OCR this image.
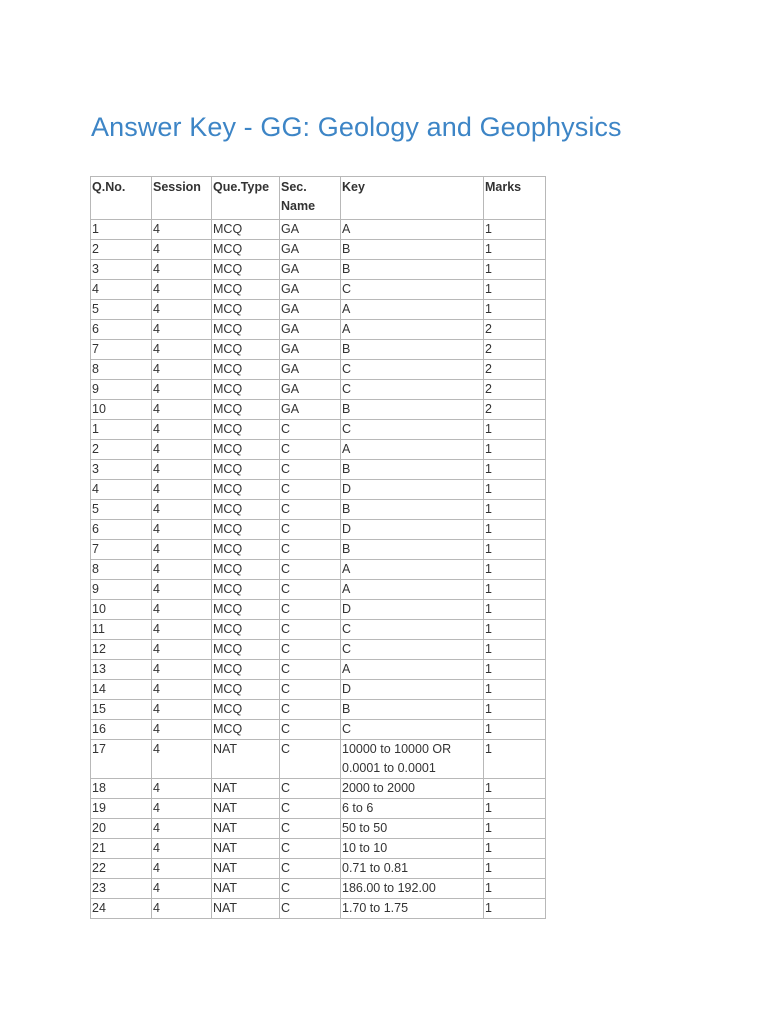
Answer Key - GG: Geology and Geophysics
Q.No.	Session	Que.Type	Sec. Name	Key	Marks
1	4	MCQ	GA	A	1
2	4	MCQ	GA	B	1
3	4	MCQ	GA	B	1
4	4	MCQ	GA	C	1
5	4	MCQ	GA	A	1
6	4	MCQ	GA	A	2
7	4	MCQ	GA	B	2
8	4	MCQ	GA	C	2
9	4	MCQ	GA	C	2
10	4	MCQ	GA	B	2
1	4	MCQ	C	C	1
2	4	MCQ	C	A	1
3	4	MCQ	C	B	1
4	4	MCQ	C	D	1
5	4	MCQ	C	B	1
6	4	MCQ	C	D	1
7	4	MCQ	C	B	1
8	4	MCQ	C	A	1
9	4	MCQ	C	A	1
10	4	MCQ	C	D	1
11	4	MCQ	C	C	1
12	4	MCQ	C	C	1
13	4	MCQ	C	A	1
14	4	MCQ	C	D	1
15	4	MCQ	C	B	1
16	4	MCQ	C	C	1
17	4	NAT	C	10000 to 10000 OR 0.0001 to 0.0001	1
18	4	NAT	C	2000 to 2000	1
19	4	NAT	C	6 to 6	1
20	4	NAT	C	50 to 50	1
21	4	NAT	C	10 to 10	1
22	4	NAT	C	0.71 to 0.81	1
23	4	NAT	C	186.00 to 192.00	1
24	4	NAT	C	1.70 to 1.75	1
